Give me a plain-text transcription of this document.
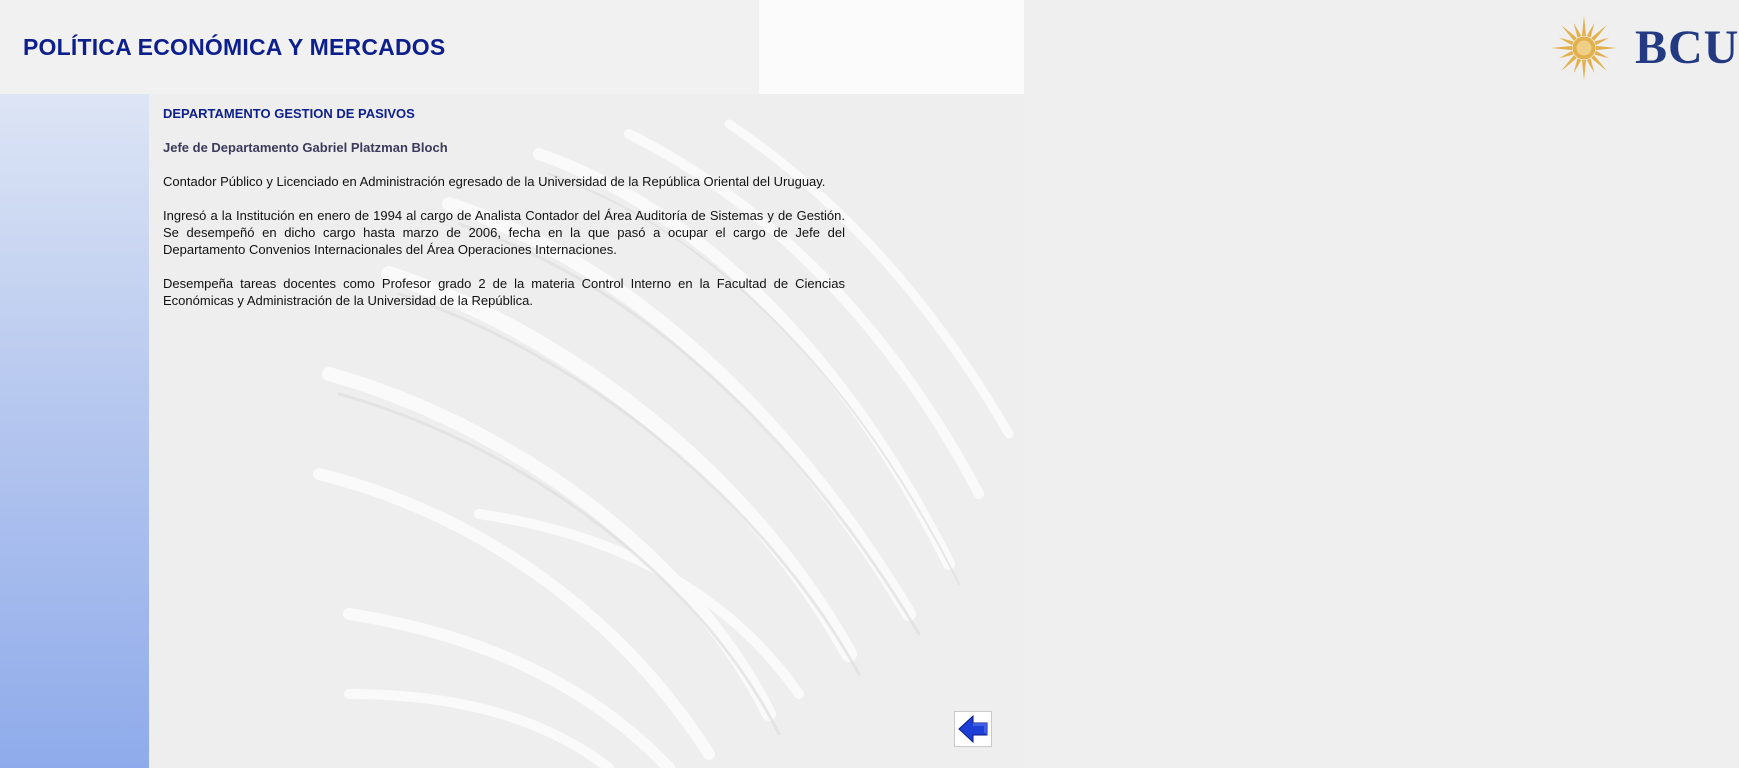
POLÍTICA ECONÓMICA Y MERCADOS	BCU

DEPARTAMENTO GESTION DE PASIVOS

Jefe de Departamento Gabriel Platzman Bloch

Contador Público y Licenciado en Administración egresado de la Universidad de la República Oriental del Uruguay.

Ingresó a la Institución en enero de 1994 al cargo de Analista Contador del Área Auditoría de Sistemas y de Gestión. Se desempeñó en dicho cargo hasta marzo de 2006, fecha en la que pasó a ocupar el cargo de Jefe del Departamento Convenios Internacionales del Área Operaciones Internaciones.

Desempeña tareas docentes como Profesor grado 2 de la materia Control Interno en la Facultad de Ciencias Económicas y Administración de la Universidad de la República.
